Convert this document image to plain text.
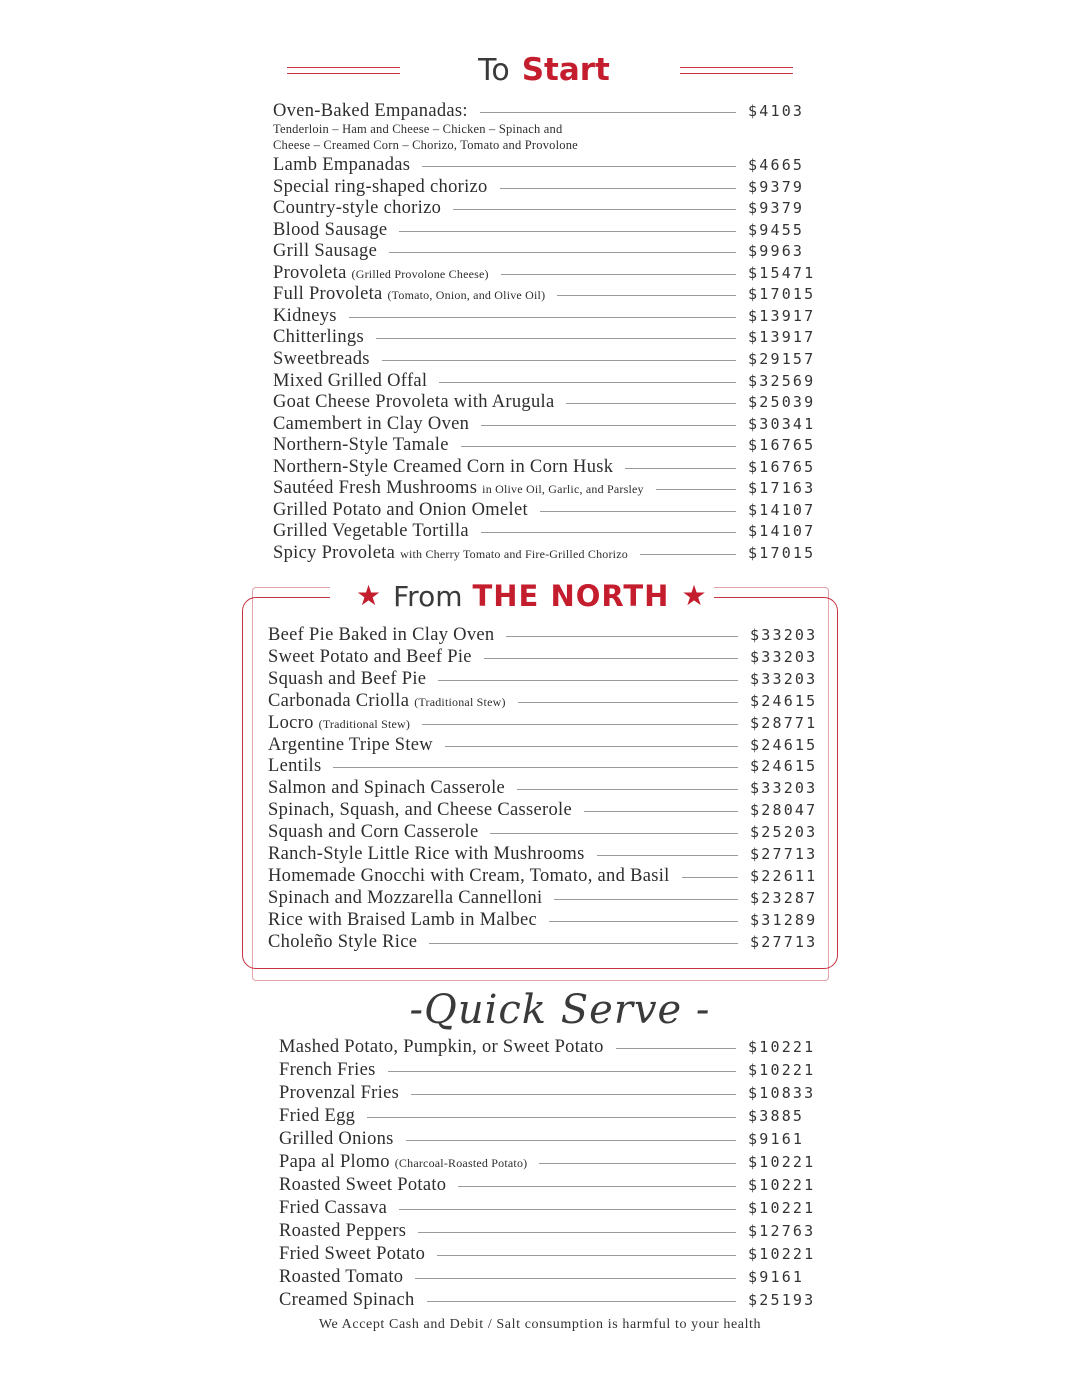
To Start
Oven-Baked Empanadas:	$4103
Tenderloin – Ham and Cheese – Chicken – Spinach and
Cheese – Creamed Corn – Chorizo, Tomato and Provolone
Lamb Empanadas	$4665
Special ring-shaped chorizo	$9379
Country-style chorizo	$9379
Blood Sausage	$9455
Grill Sausage	$9963
Provoleta (Grilled Provolone Cheese)	$15471
Full Provoleta (Tomato, Onion, and Olive Oil)	$17015
Kidneys	$13917
Chitterlings	$13917
Sweetbreads	$29157
Mixed Grilled Offal	$32569
Goat Cheese Provoleta with Arugula	$25039
Camembert in Clay Oven	$30341
Northern-Style Tamale	$16765
Northern-Style Creamed Corn in Corn Husk	$16765
Sautéed Fresh Mushrooms in Olive Oil, Garlic, and Parsley	$17163
Grilled Potato and Onion Omelet	$14107
Grilled Vegetable Tortilla	$14107
Spicy Provoleta with Cherry Tomato and Fire-Grilled Chorizo	$17015
★ From THE NORTH ★
Beef Pie Baked in Clay Oven	$33203
Sweet Potato and Beef Pie	$33203
Squash and Beef Pie	$33203
Carbonada Criolla (Traditional Stew)	$24615
Locro (Traditional Stew)	$28771
Argentine Tripe Stew	$24615
Lentils	$24615
Salmon and Spinach Casserole	$33203
Spinach, Squash, and Cheese Casserole	$28047
Squash and Corn Casserole	$25203
Ranch-Style Little Rice with Mushrooms	$27713
Homemade Gnocchi with Cream, Tomato, and Basil	$22611
Spinach and Mozzarella Cannelloni	$23287
Rice with Braised Lamb in Malbec	$31289
Choleño Style Rice	$27713
-Quick Serve -
Mashed Potato, Pumpkin, or Sweet Potato	$10221
French Fries	$10221
Provenzal Fries	$10833
Fried Egg	$3885
Grilled Onions	$9161
Papa al Plomo (Charcoal-Roasted Potato)	$10221
Roasted Sweet Potato	$10221
Fried Cassava	$10221
Roasted Peppers	$12763
Fried Sweet Potato	$10221
Roasted Tomato	$9161
Creamed Spinach	$25193
We Accept Cash and Debit / Salt consumption is harmful to your health
